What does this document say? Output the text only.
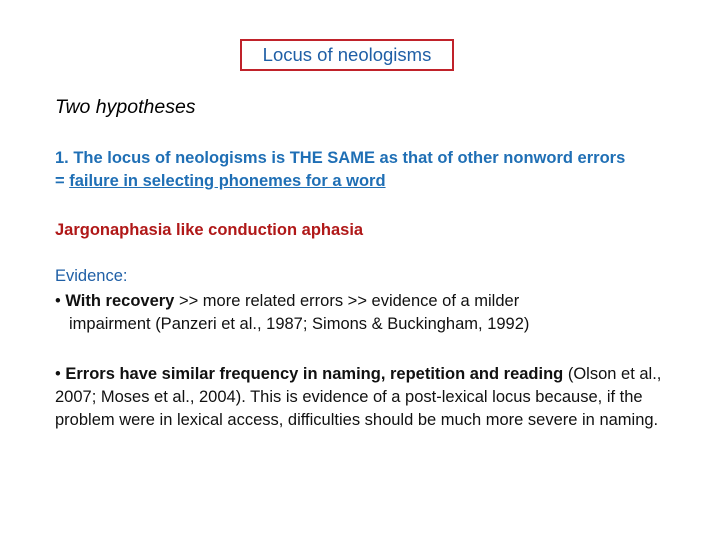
Locus of neologisms
Two hypotheses
1. The locus of neologisms is THE SAME as that of other nonword errors
= failure in selecting phonemes for a word
Jargonaphasia like conduction aphasia
Evidence:
• With recovery >> more related errors >> evidence of a milder
impairment (Panzeri et al., 1987; Simons & Buckingham, 1992)
• Errors have similar frequency in naming, repetition and reading (Olson et al., 2007; Moses et al., 2004). This is evidence of a post-lexical locus because, if the problem were in lexical access, difficulties should be much more severe in naming.
